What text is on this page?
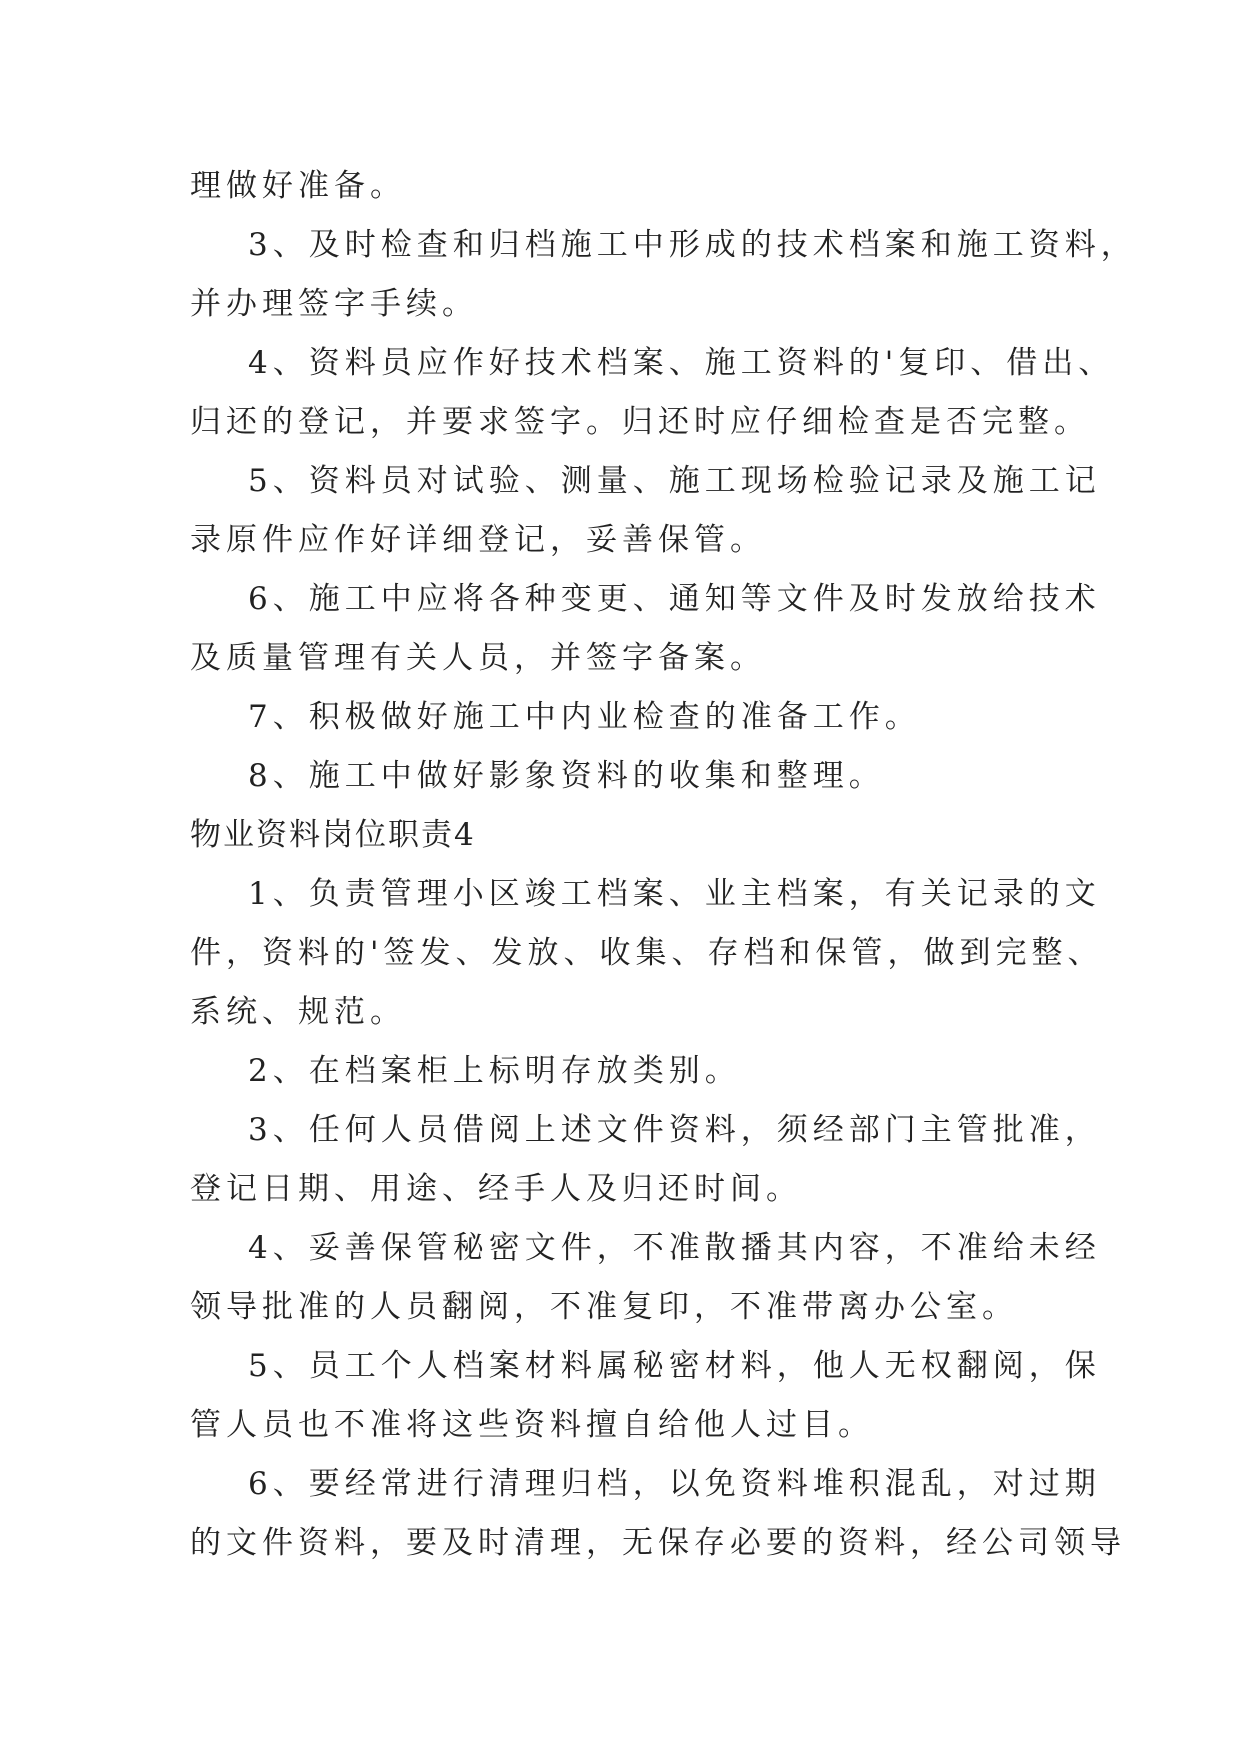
理做好准备。
3、及时检查和归档施工中形成的技术档案和施工资料，
并办理签字手续。
4、资料员应作好技术档案、施工资料的'复印、借出、
归还的登记，并要求签字。归还时应仔细检查是否完整。
5、资料员对试验、测量、施工现场检验记录及施工记
录原件应作好详细登记，妥善保管。
6、施工中应将各种变更、通知等文件及时发放给技术
及质量管理有关人员，并签字备案。
7、积极做好施工中内业检查的准备工作。
8、施工中做好影象资料的收集和整理。
物业资料岗位职责4
1、负责管理小区竣工档案、业主档案，有关记录的文
件，资料的'签发、发放、收集、存档和保管，做到完整、
系统、规范。
2、在档案柜上标明存放类别。
3、任何人员借阅上述文件资料，须经部门主管批准，
登记日期、用途、经手人及归还时间。
4、妥善保管秘密文件，不准散播其内容，不准给未经
领导批准的人员翻阅，不准复印，不准带离办公室。
5、员工个人档案材料属秘密材料，他人无权翻阅，保
管人员也不准将这些资料擅自给他人过目。
6、要经常进行清理归档，以免资料堆积混乱，对过期
的文件资料，要及时清理，无保存必要的资料，经公司领导
